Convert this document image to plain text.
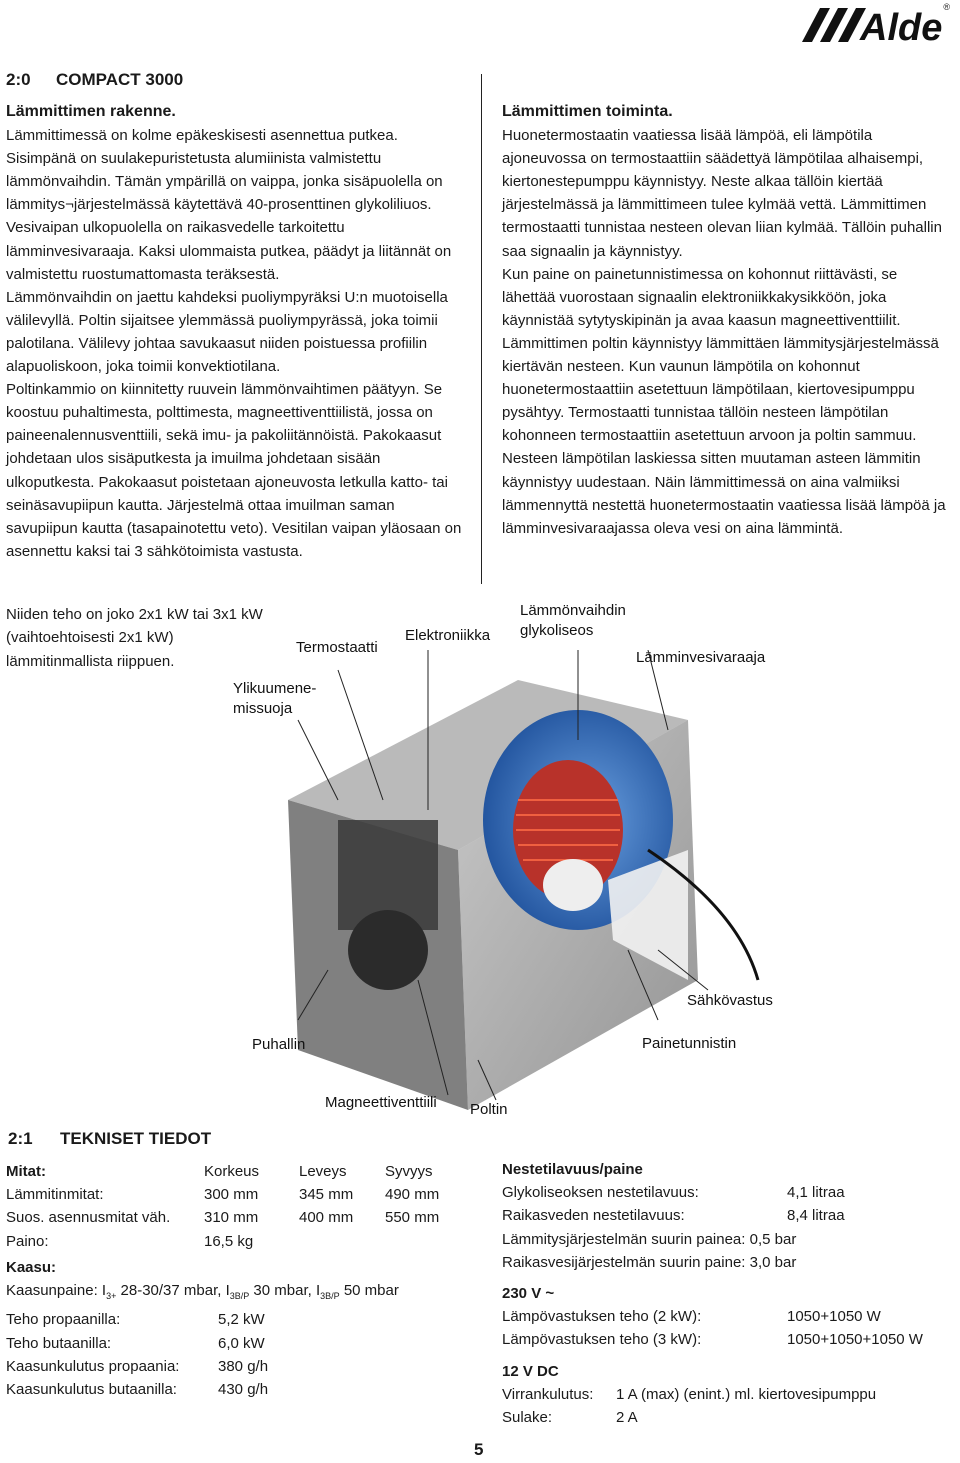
Alde ®
2:0 COMPACT 3000
Lämmittimen rakenne.

Lämmittimessä on kolme epäkeskisesti asennettua putkea. Sisimpänä on suulakepuristetusta alumiinista valmistettu lämmönvaihdin. Tämän ympärillä on vaippa, jonka sisäpuolella on lämmitys¬järjestelmässä käytettävä 40-prosenttinen glykoliliuos. Vesivaipan ulkopuolella on raikasvedelle tarkoitettu lämminvesivaraaja. Kaksi ulommaista putkea, päädyt ja liitännät on valmistettu ruostumattomasta teräksestä.

Lämmönvaihdin on jaettu kahdeksi puoliympyräksi U:n muotoisella välilevyllä. Poltin sijaitsee ylemmässä puoliympyrässä, joka toimii palotilana. Välilevy johtaa savukaasut niiden poistuessa profiilin alapuoliskoon, joka toimii konvektiotilana.

Poltinkammio on kiinnitetty ruuvein lämmönvaihtimen päätyyn. Se koostuu puhaltimesta, polttimesta, magneettiventtiilistä, jossa on paineenalennusventtiili, sekä imu- ja pakoliitännöistä. Pakokaasut johdetaan ulos sisäputkesta ja imuilma johdetaan sisään ulkoputkesta. Pakokaasut poistetaan ajoneuvosta letkulla katto- tai seinäsavupiipun kautta. Järjestelmä ottaa imuilman saman savupiipun kautta (tasapainotettu veto). Vesitilan vaipan yläosaan on asennettu kaksi tai 3 sähkötoimista vastusta.

Niiden teho on joko 2x1 kW tai 3x1 kW
(vaihtoehtoisesti 2x1 kW)
lämmitinmallista riippuen.
Lämmittimen toiminta.

Huonetermostaatin vaatiessa lisää lämpöä, eli lämpötila ajoneuvossa on termostaattiin säädettyä lämpötilaa alhaisempi, kiertonestepumppu käynnistyy. Neste alkaa tällöin kiertää järjestelmässä ja lämmittimeen tulee kylmää vettä. Lämmittimen termostaatti tunnistaa nesteen olevan liian kylmää. Tällöin puhallin saa signaalin ja käynnistyy.

Kun paine on painetunnistimessa on kohonnut riittävästi, se lähettää vuorostaan signaalin elektroniikkakysikköön, joka käynnistää sytytyskipinän ja avaa kaasun magneettiventtiilit. Lämmittimen poltin käynnistyy lämmittäen lämmitysjärjestelmässä kiertävän nesteen. Kun vaunun lämpötila on kohonnut huonetermostaattiin asetettuun lämpötilaan, kiertovesipumppu pysähtyy. Termostaatti tunnistaa tällöin nesteen lämpötilan kohonneen termostaattiin asetettuun arvoon ja poltin sammuu. Nesteen lämpötilan laskiessa sitten muutaman asteen lämmitin käynnistyy uudestaan. Näin lämmittimessä on aina valmiiksi lämmennyttä nestettä huonetermostaatin vaatiessa lisää lämpöä ja lämminvesivaraajassa oleva vesi on aina lämmintä.

Lämmönvaihdin
glykoliseos
Elektroniikka
Termostaatti
Lämminvesivaraaja
Ylikuumene-
missuoja
Sähkövastus
Puhallin	Painetunnistin
Magneettiventtiili Poltin
2:1 TEKNISET TIEDOT
Mitat:	Korkeus	Leveys	Syvyys
Lämmitinmitat:	300 mm	345 mm	490 mm
Suos. asennusmitat väh.	310 mm	400 mm	550 mm
Paino:	16,5 kg
Kaasu:
Kaasunpaine: $I_{3+}$ 28-30/37 mbar, $I_{3B/P}$ 30 mbar, $I_{3B/P}$ 50 mbar
Teho propaanilla:	5,2 kW
Teho butaanilla:	6,0 kW
Kaasunkulutus propaania:	380 g/h
Kaasunkulutus butaanilla:	430 g/h
Nestetilavuus/paine
Glykoliseoksen nestetilavuus:	4,1 litraa
Raikasveden nestetilavuus:	8,4 litraa
Lämmitysjärjestelmän suurin painea: 0,5 bar
Raikasvesijärjestelmän suurin paine: 3,0 bar
230 V ~
Lämpövastuksen teho (2 kW):	1050+1050 W
Lämpövastuksen teho (3 kW):	1050+1050+1050 W
12 V DC
Virrankulutus:	1 A (max) (enint.) ml. kiertovesipumppu
Sulake:	2 A
5
